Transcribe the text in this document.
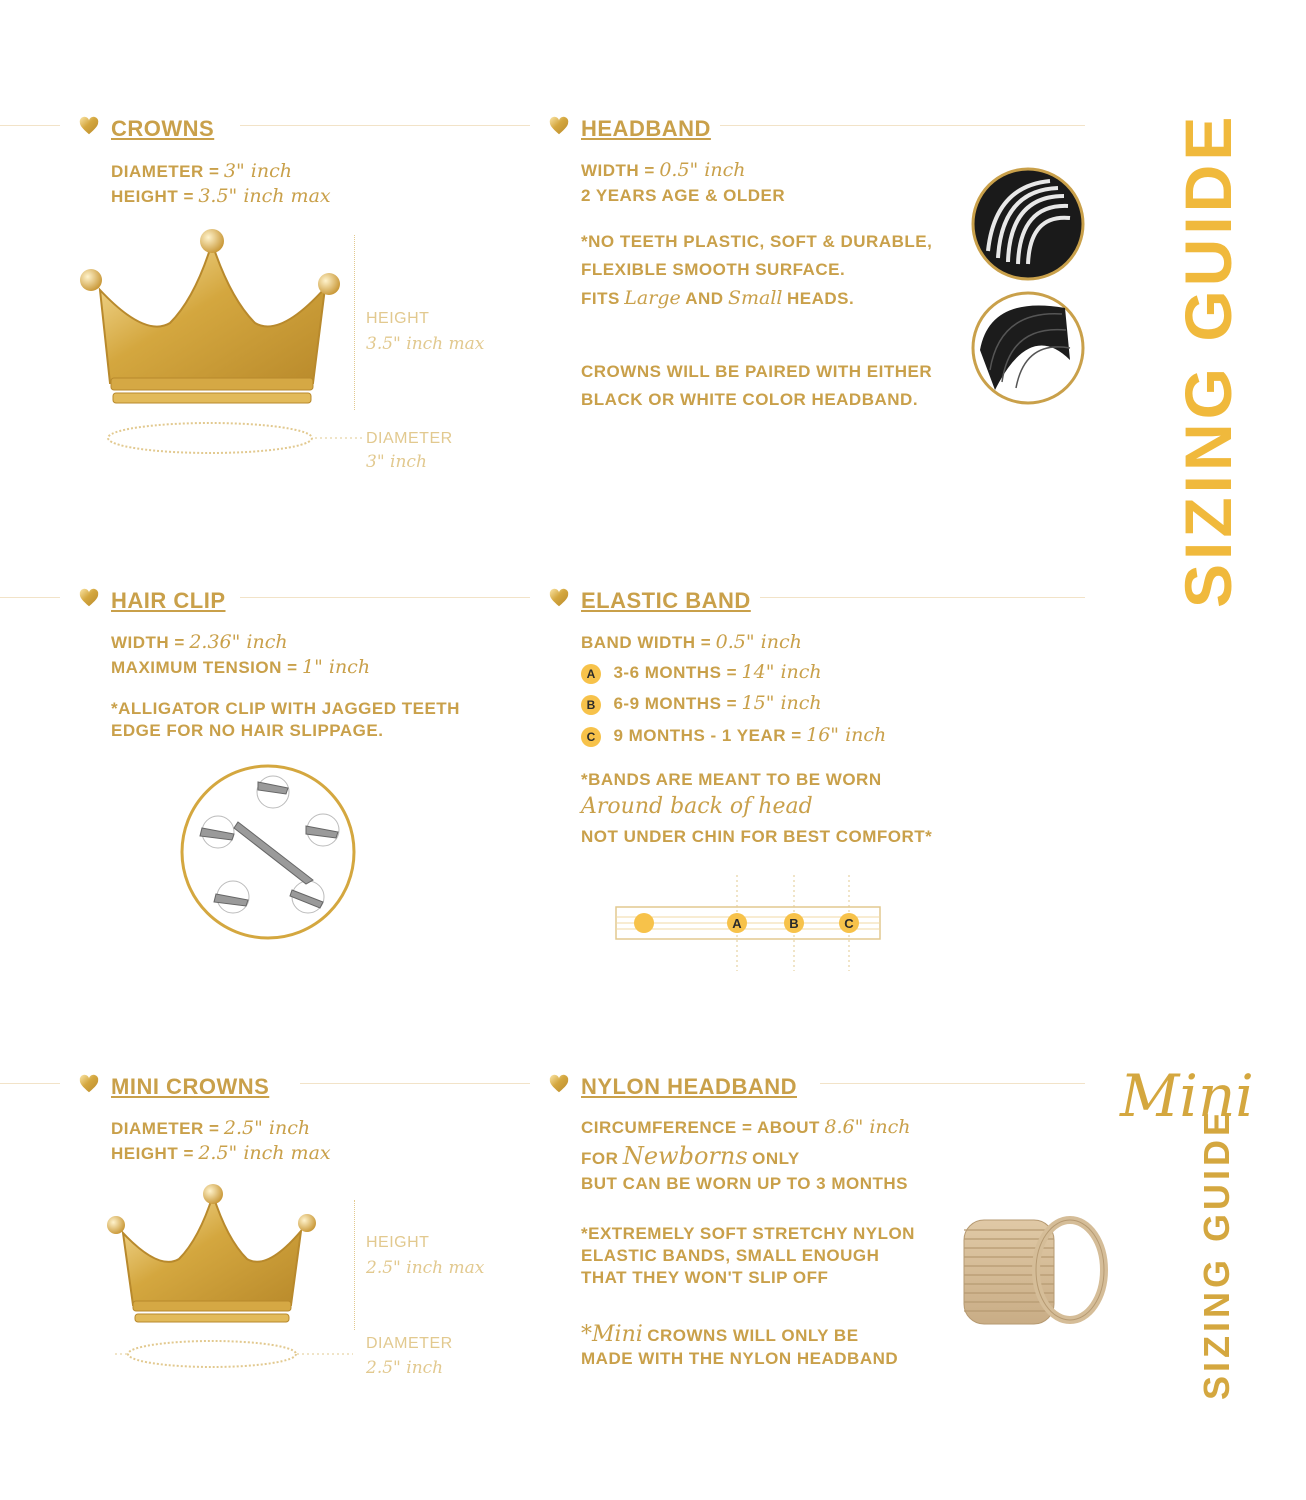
SIZING GUIDE
Mini
SIZING GUIDE
CROWNS
DIAMETER = 3" inch
HEIGHT = 3.5" inch max
HEIGHT
3.5" inch max
DIAMETER
3" inch
HEADBAND
WIDTH = 0.5" inch
2 YEARS AGE & OLDER
*NO TEETH PLASTIC, SOFT & DURABLE,
FLEXIBLE SMOOTH SURFACE.
FITS Large AND Small HEADS.
CROWNS WILL BE PAIRED WITH EITHER
BLACK OR WHITE COLOR HEADBAND.
HAIR CLIP
WIDTH = 2.36" inch
MAXIMUM TENSION = 1" inch
*ALLIGATOR CLIP WITH JAGGED TEETH
EDGE FOR NO HAIR SLIPPAGE.
ELASTIC BAND
BAND WIDTH = 0.5" inch
A 3-6 MONTHS = 14" inch
B 6-9 MONTHS = 15" inch
C 9 MONTHS - 1 YEAR = 16" inch
*BANDS ARE MEANT TO BE WORN
Around back of head
NOT UNDER CHIN FOR BEST COMFORT*
A	B	C
MINI CROWNS
DIAMETER = 2.5" inch
HEIGHT = 2.5" inch max
HEIGHT
2.5" inch max
DIAMETER
2.5" inch
NYLON HEADBAND
CIRCUMFERENCE = ABOUT 8.6" inch
FOR Newborns ONLY
BUT CAN BE WORN UP TO 3 MONTHS
*EXTREMELY SOFT STRETCHY NYLON
ELASTIC BANDS, SMALL ENOUGH
THAT THEY WON'T SLIP OFF
*Mini CROWNS WILL ONLY BE
MADE WITH THE NYLON HEADBAND
